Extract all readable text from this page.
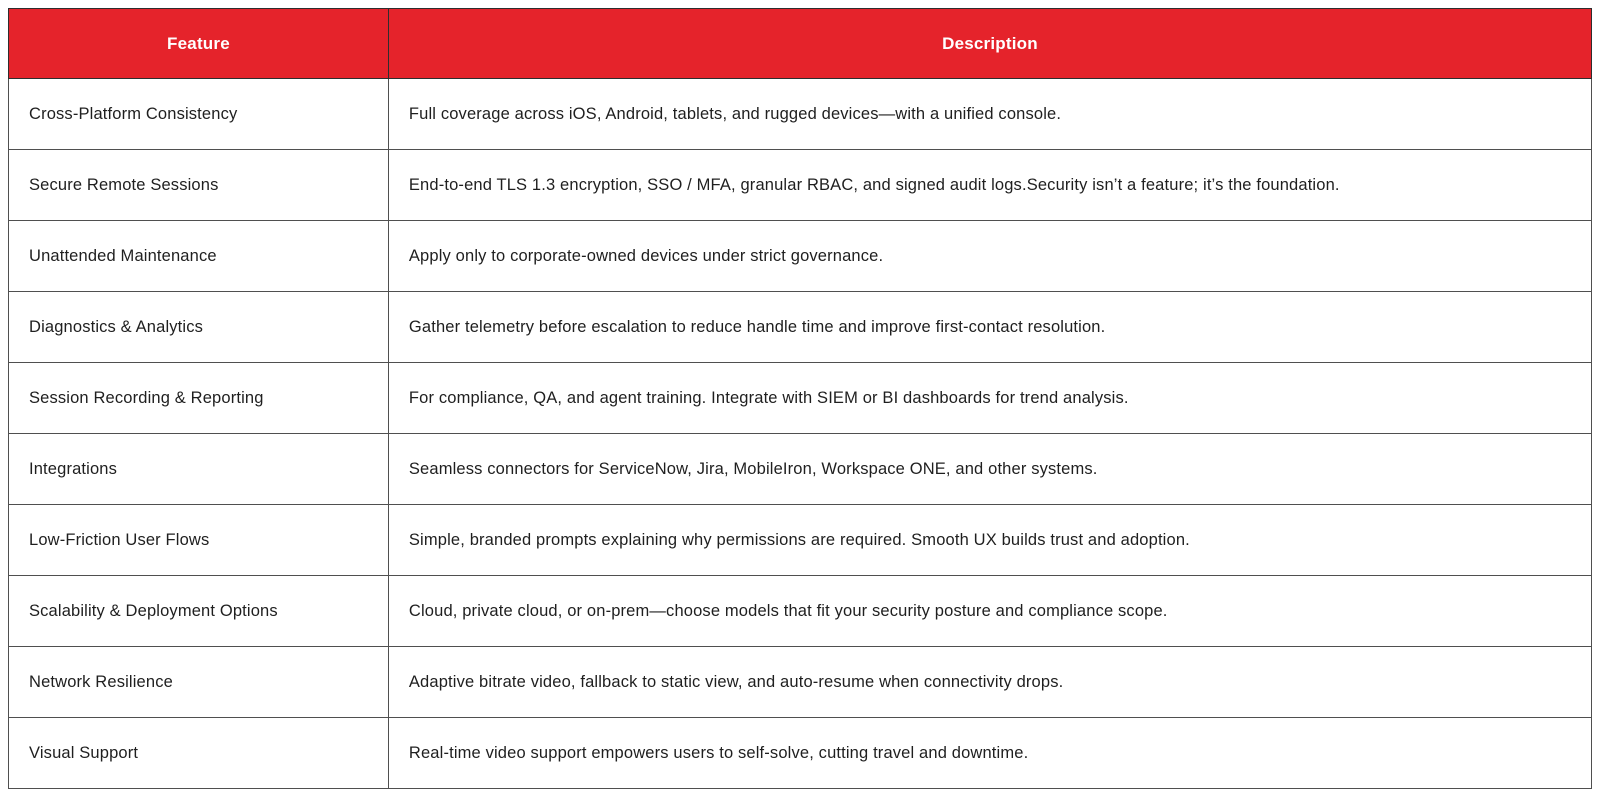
Feature	Description
Cross-Platform Consistency	Full coverage across iOS, Android, tablets, and rugged devices—with a unified console.
Secure Remote Sessions	End-to-end TLS 1.3 encryption, SSO / MFA, granular RBAC, and signed audit logs.Security isn’t a feature; it’s the foundation.
Unattended Maintenance	Apply only to corporate-owned devices under strict governance.
Diagnostics & Analytics	Gather telemetry before escalation to reduce handle time and improve first-contact resolution.
Session Recording & Reporting	For compliance, QA, and agent training. Integrate with SIEM or BI dashboards for trend analysis.
Integrations	Seamless connectors for ServiceNow, Jira, MobileIron, Workspace ONE, and other systems.
Low-Friction User Flows	Simple, branded prompts explaining why permissions are required. Smooth UX builds trust and adoption.
Scalability & Deployment Options	Cloud, private cloud, or on-prem—choose models that fit your security posture and compliance scope.
Network Resilience	Adaptive bitrate video, fallback to static view, and auto-resume when connectivity drops.
Visual Support	Real-time video support empowers users to self-solve, cutting travel and downtime.
